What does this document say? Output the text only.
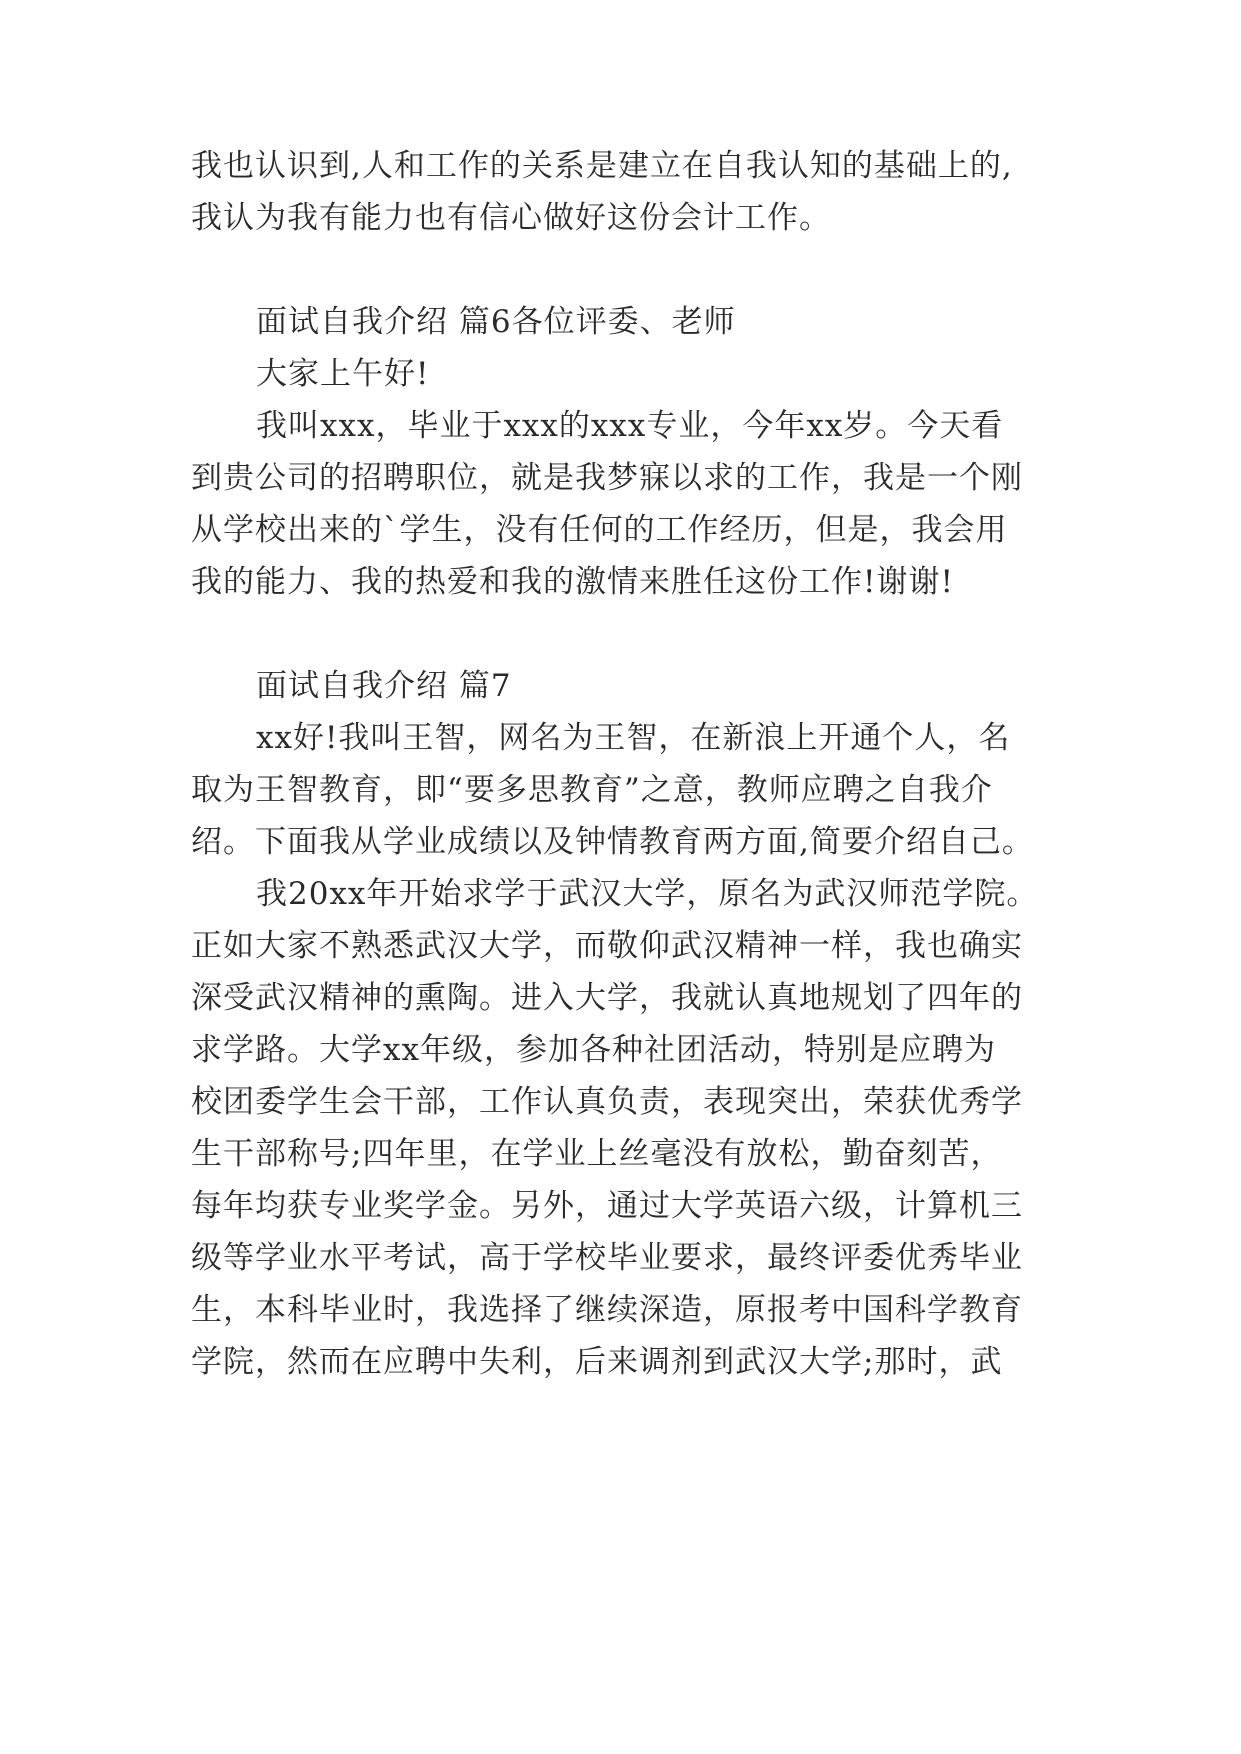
我也认识到,人和工作的关系是建立在自我认知的基础上的,
我认为我有能力也有信心做好这份会计工作。
面试自我介绍 篇6各位评委、老师
大家上午好!
我叫xxx，毕业于xxx的xxx专业，今年xx岁。今天看
到贵公司的招聘职位，就是我梦寐以求的工作，我是一个刚
从学校出来的`学生，没有任何的工作经历，但是，我会用
我的能力、我的热爱和我的激情来胜任这份工作!谢谢!
面试自我介绍 篇7
xx好!我叫王智，网名为王智，在新浪上开通个人，名
取为王智教育，即“要多思教育”之意，教师应聘之自我介
绍。下面我从学业成绩以及钟情教育两方面,简要介绍自己。
我20xx年开始求学于武汉大学，原名为武汉师范学院。
正如大家不熟悉武汉大学，而敬仰武汉精神一样，我也确实
深受武汉精神的熏陶。进入大学，我就认真地规划了四年的
求学路。大学xx年级，参加各种社团活动，特别是应聘为
校团委学生会干部，工作认真负责，表现突出，荣获优秀学
生干部称号;四年里，在学业上丝毫没有放松，勤奋刻苦，
每年均获专业奖学金。另外，通过大学英语六级，计算机三
级等学业水平考试，高于学校毕业要求，最终评委优秀毕业
生，本科毕业时，我选择了继续深造，原报考中国科学教育
学院，然而在应聘中失利，后来调剂到武汉大学;那时，武
